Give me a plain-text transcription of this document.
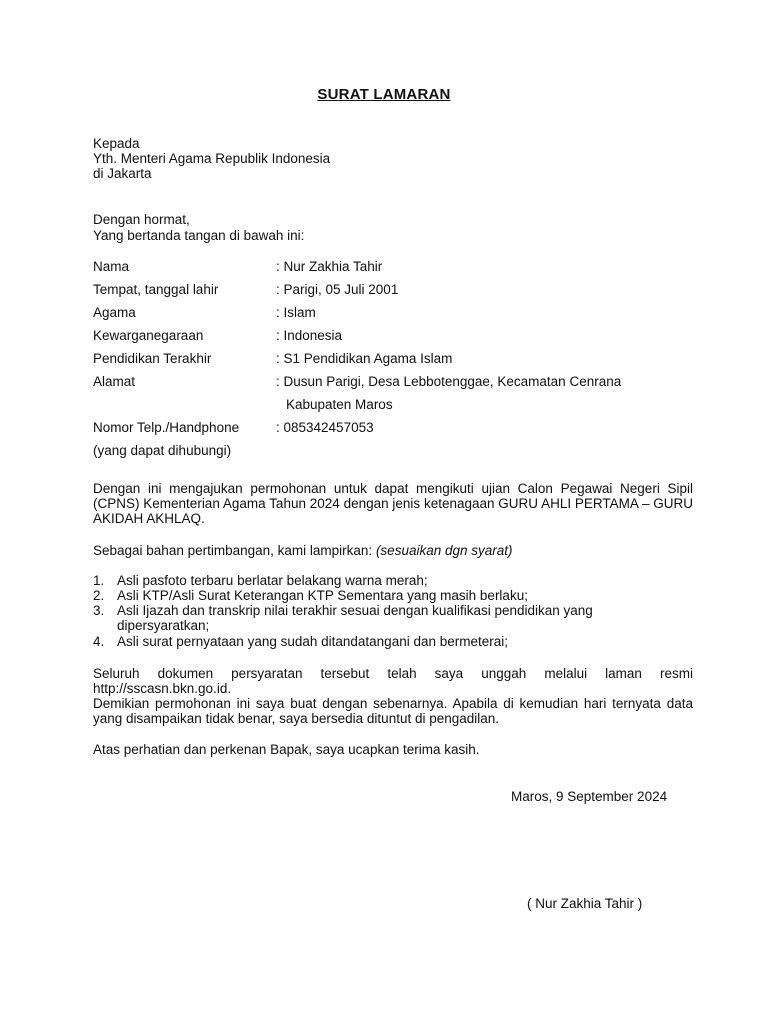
SURAT LAMARAN
Kepada
Yth. Menteri Agama Republik Indonesia
di Jakarta
Dengan hormat,
Yang bertanda tangan di bawah ini:
Nama	: Nur Zakhia Tahir
Tempat, tanggal lahir	: Parigi, 05 Juli 2001
Agama	: Islam
Kewarganegaraan	: Indonesia
Pendidikan Terakhir	: S1 Pendidikan Agama Islam
Alamat	: Dusun Parigi, Desa Lebbotenggae, Kecamatan Cenrana
Kabupaten Maros
Nomor Telp./Handphone	: 085342457053
(yang dapat dihubungi)
Dengan ini mengajukan permohonan untuk dapat mengikuti ujian Calon Pegawai Negeri Sipil (CPNS) Kementerian Agama Tahun 2024 dengan jenis ketenagaan GURU AHLI PERTAMA – GURU AKIDAH AKHLAQ.
Sebagai bahan pertimbangan, kami lampirkan: (sesuaikan dgn syarat)
1. Asli pasfoto terbaru berlatar belakang warna merah;
2. Asli KTP/Asli Surat Keterangan KTP Sementara yang masih berlaku;
3. Asli Ijazah dan transkrip nilai terakhir sesuai dengan kualifikasi pendidikan yang
dipersyaratkan;
4. Asli surat pernyataan yang sudah ditandatangani dan bermeterai;
Seluruh dokumen persyaratan tersebut telah saya unggah melalui laman resmi http://sscasn.bkn.go.id.
Demikian permohonan ini saya buat dengan sebenarnya. Apabila di kemudian hari ternyata data yang disampaikan tidak benar, saya bersedia dituntut di pengadilan.
Atas perhatian dan perkenan Bapak, saya ucapkan terima kasih.
Maros, 9 September 2024
( Nur Zakhia Tahir )
